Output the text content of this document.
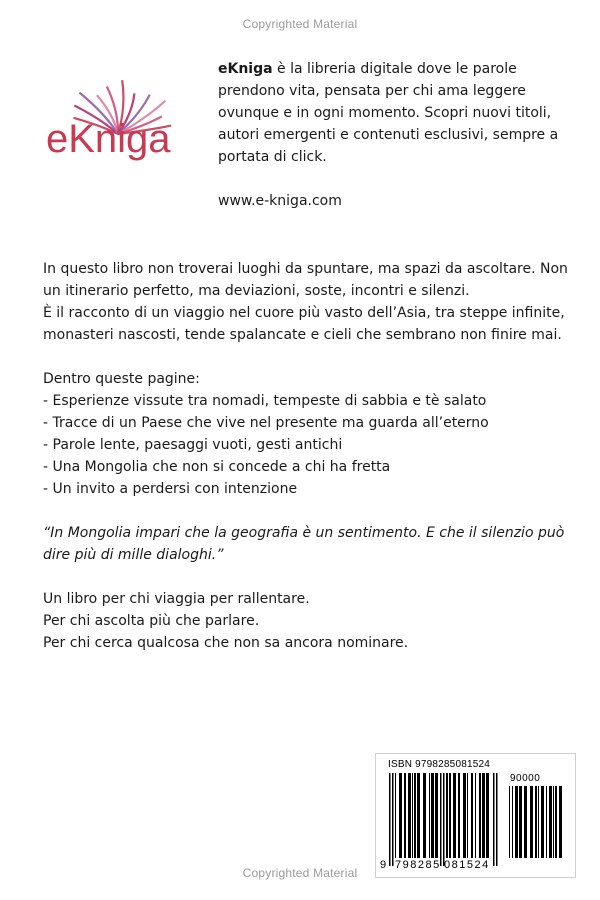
Copyrighted Material
eKniga

eKniga è la libreria digitale dove le parole prendono vita, pensata per chi ama leggere ovunque e in ogni momento. Scopri nuovi titoli, autori emergenti e contenuti esclusivi, sempre a portata di click.

www.e-kniga.com

In questo libro non troverai luoghi da spuntare, ma spazi da ascoltare. Non un itinerario perfetto, ma deviazioni, soste, incontri e silenzi.

È il racconto di un viaggio nel cuore più vasto dell’Asia, tra steppe infinite, monasteri nascosti, tende spalancate e cieli che sembrano non finire mai.

Dentro queste pagine:

- Esperienze vissute tra nomadi, tempeste di sabbia e tè salato

- Tracce di un Paese che vive nel presente ma guarda all’eterno

- Parole lente, paesaggi vuoti, gesti antichi

- Una Mongolia che non si concede a chi ha fretta

- Un invito a perdersi con intenzione

“In Mongolia impari che la geografia è un sentimento. E che il silenzio può dire più di mille dialoghi.”

Un libro per chi viaggia per rallentare.

Per chi ascolta più che parlare.

Per chi cerca qualcosa che non sa ancora nominare.

ISBN 9798285081524
90000
9 798285 081524
Copyrighted Material
